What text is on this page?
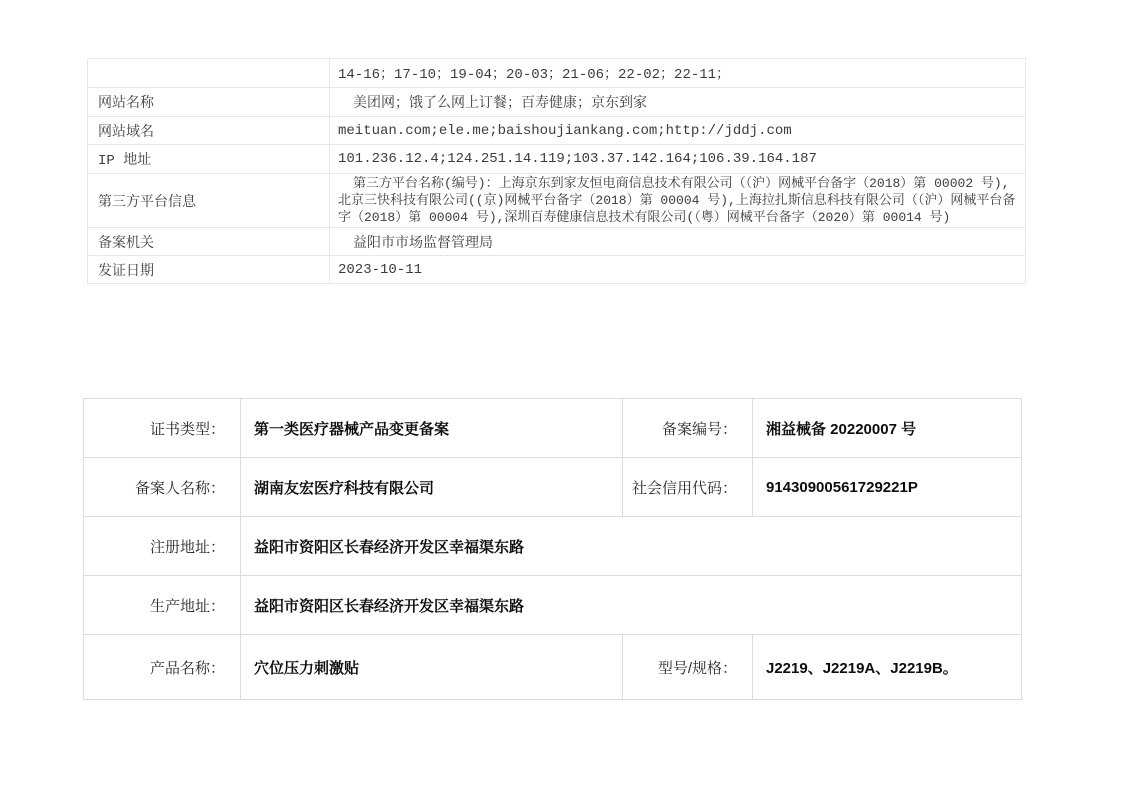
	14-16；17-10；19-04；20-03；21-06；22-02；22-11；
网站名称	美团网；饿了么网上订餐；百寿健康；京东到家
网站域名	meituan.com;ele.me;baishoujiankang.com;http://jddj.com
IP 地址	101.236.12.4;124.251.14.119;103.37.142.164;106.39.164.187
第三方平台信息	第三方平台名称(编号)：上海京东到家友恒电商信息技术有限公司（（沪）网械平台备字（2018）第 00002 号),北京三快科技有限公司((京)网械平台备字（2018）第 00004 号),上海拉扎斯信息科技有限公司（（沪）网械平台备字（2018）第 00004 号),深圳百寿健康信息技术有限公司(（粤）网械平台备字（2020）第 00014 号)
备案机关	益阳市市场监督管理局
发证日期	2023-10-11
证书类型：	第一类医疗器械产品变更备案	备案编号：	湘益械备 20220007 号
备案人名称：	湖南友宏医疗科技有限公司	社会信用代码：	91430900561729221P
注册地址：	益阳市资阳区长春经济开发区幸福渠东路		
生产地址：	益阳市资阳区长春经济开发区幸福渠东路		
产品名称：	穴位压力刺激贴	型号/规格：	J2219、J2219A、J2219B。
